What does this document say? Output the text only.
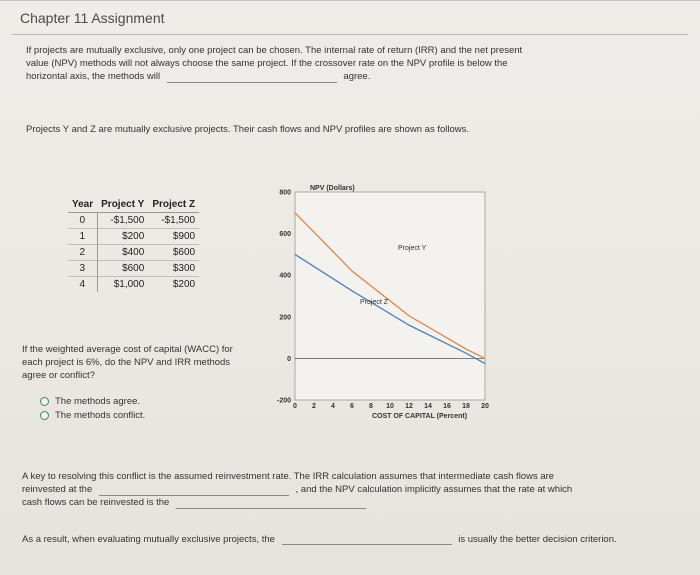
Chapter 11 Assignment
If projects are mutually exclusive, only one project can be chosen. The internal rate of return (IRR) and the net present value (NPV) methods will not always choose the same project. If the crossover rate on the NPV profile is below the horizontal axis, the methods will	agree.
Projects Y and Z are mutually exclusive projects. Their cash flows and NPV profiles are shown as follows.
Year	Project Y	Project Z
0	-$1,500	-$1,500
1	$200	$900
2	$400	$600
3	$600	$300
4	$1,000	$200
If the weighted average cost of capital (WACC) for each project is 6%, do the NPV and IRR methods agree or conflict?
The methods agree.
The methods conflict.
800
600
400
200
0
-200
0 2 4 6 8 10 12 14 16 18 20
NPV (Dollars)
COST OF CAPITAL (Percent)
Project Y
Project Z
A key to resolving this conflict is the assumed reinvestment rate. The IRR calculation assumes that intermediate cash flows are reinvested at the	, and the NPV calculation implicitly assumes that the rate at which cash flows can be reinvested is the
As a result, when evaluating mutually exclusive projects, the	is usually the better decision criterion.
